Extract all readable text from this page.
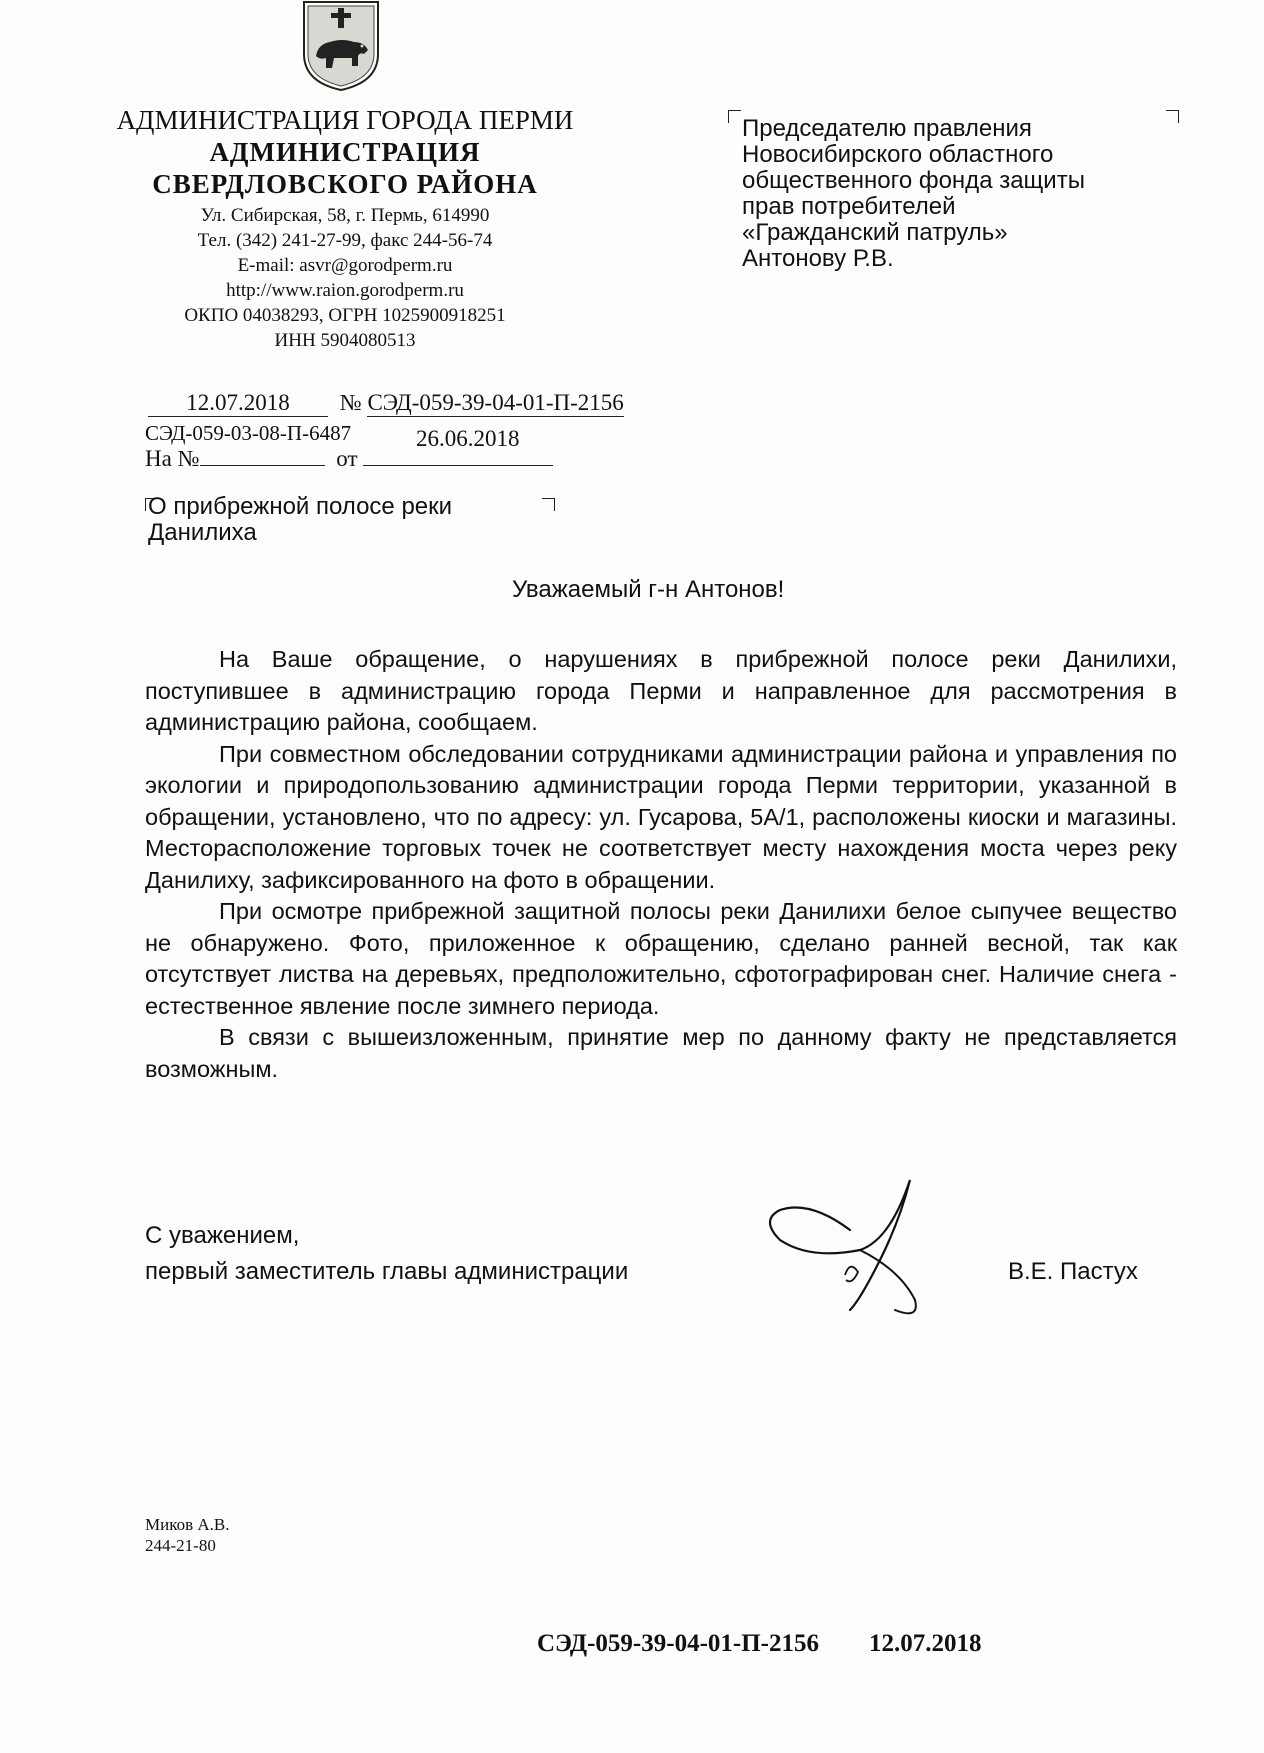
АДМИНИСТРАЦИЯ ГОРОДА ПЕРМИ
АДМИНИСТРАЦИЯ
СВЕРДЛОВСКОГО РАЙОНА
Ул. Сибирская, 58, г. Пермь, 614990
Тел. (342) 241-27-99, факс 244-56-74
E-mail: asvr@gorodperm.ru
http://www.raion.gorodperm.ru
ОКПО 04038293, ОГРН 1025900918251
ИНН 5904080513
Председателю правления
Новосибирского областного
общественного фонда защиты
прав потребителей
«Гражданский патруль»
Антонову Р.В.
12.07.2018 № СЭД-059-39-04-01-П-2156
СЭД-059-03-08-П-6487	26.06.2018
На №	от
О прибрежной полосе реки
Данилиха
Уважаемый г-н Антонов!

На Ваше обращение, о нарушениях в прибрежной полосе реки Данилихи, поступившее в администрацию города Перми и направленное для рассмотрения в администрацию района, сообщаем.

При совместном обследовании сотрудниками администрации района и управления по экологии и природопользованию администрации города Перми территории, указанной в обращении, установлено, что по адресу: ул. Гусарова, 5А/1, расположены киоски и магазины. Месторасположение торговых точек не соответствует месту нахождения моста через реку Данилиху, зафиксированного на фото в обращении.

При осмотре прибрежной защитной полосы реки Данилихи белое сыпучее вещество не обнаружено. Фото, приложенное к обращению, сделано ранней весной, так как отсутствует листва на деревьях, предположительно, сфотографирован снег. Наличие снега - естественное явление после зимнего периода.

В связи с вышеизложенным, принятие мер по данному факту не представляется возможным.

С уважением,
первый заместитель главы администрации	В.Е. Пастух
Миков А.В.
244-21-80
СЭД-059-39-04-01-П-2156 12.07.2018
